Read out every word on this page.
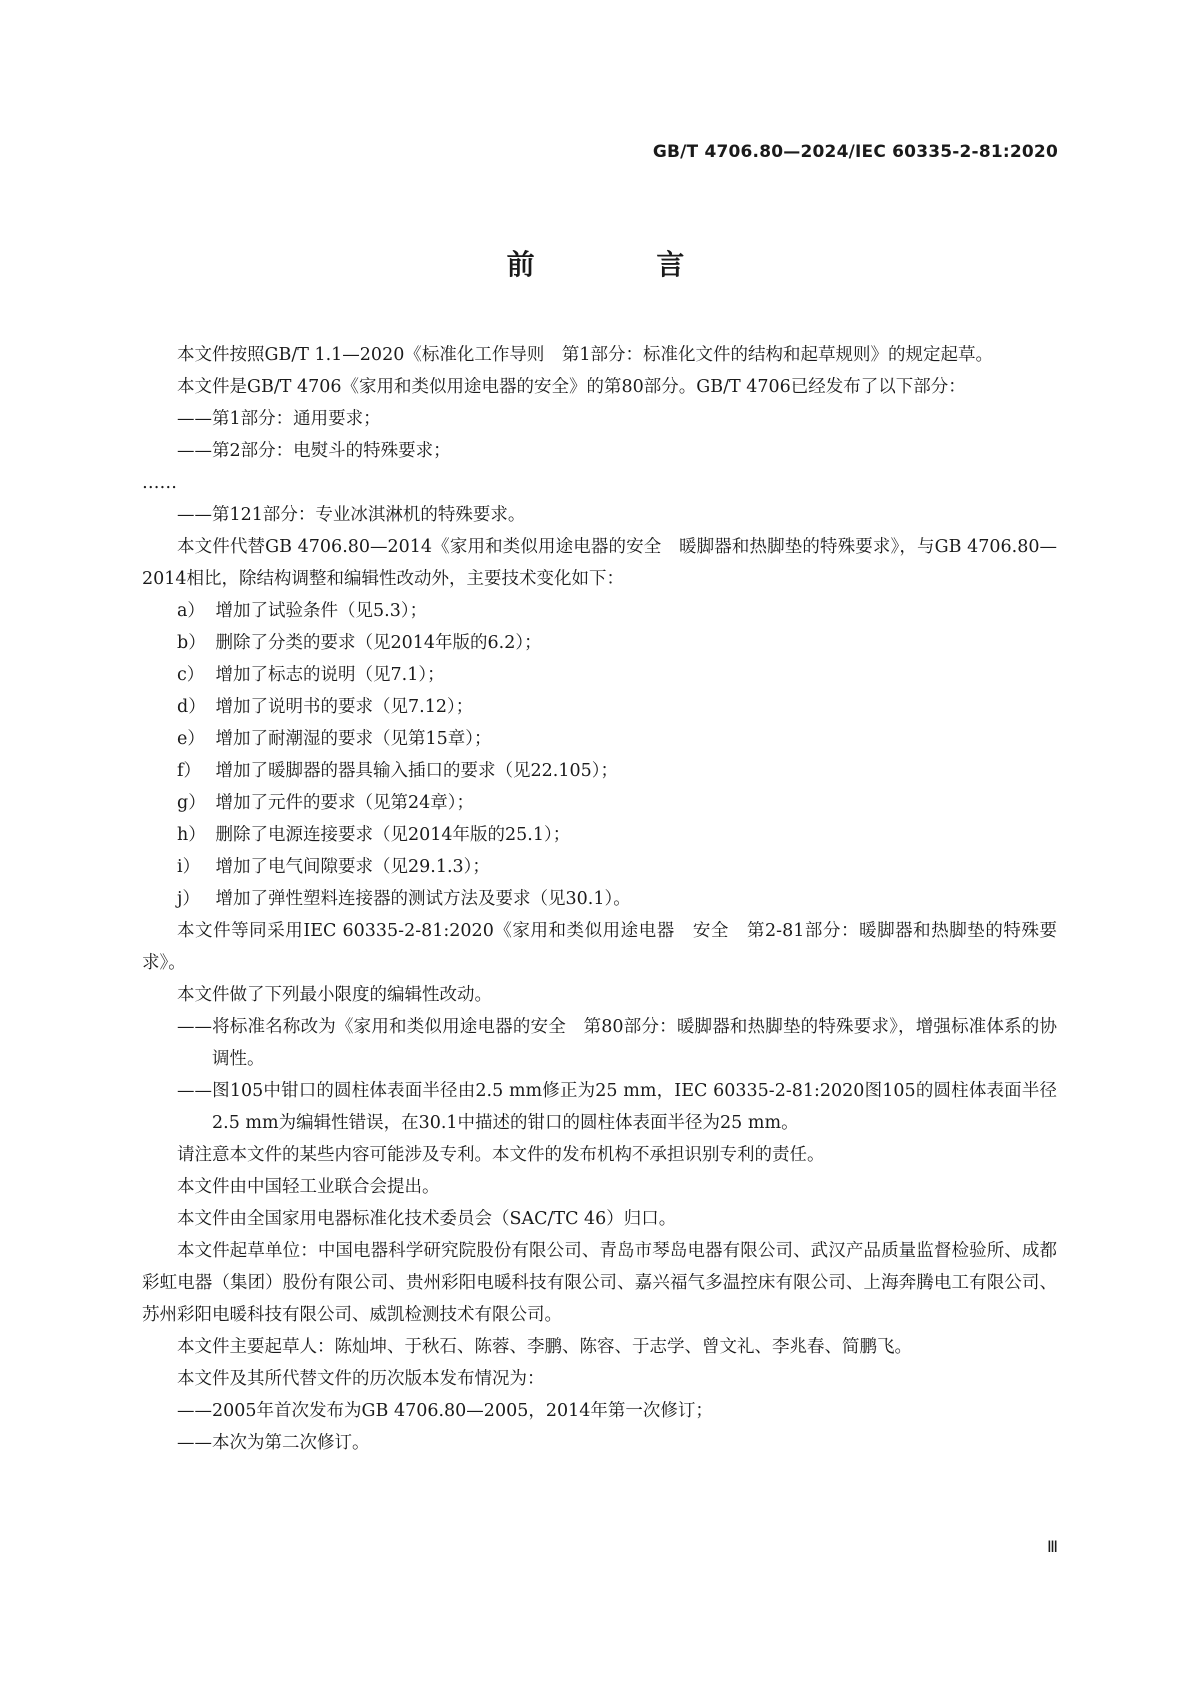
GB/T 4706.80—2024/IEC 60335-2-81:2020
前 言

本文件按照GB/T 1.1—2020《标准化工作导则　第1部分：标准化文件的结构和起草规则》的规定起草。

本文件是GB/T 4706《家用和类似用途电器的安全》的第80部分。GB/T 4706已经发布了以下部分：

——第1部分：通用要求；

——第2部分：电熨斗的特殊要求；

……

——第121部分：专业冰淇淋机的特殊要求。

本文件代替GB 4706.80—2014《家用和类似用途电器的安全　暖脚器和热脚垫的特殊要求》，与GB 4706.80—2014相比，除结构调整和编辑性改动外，主要技术变化如下：

a） 增加了试验条件（见5.3）；
b） 删除了分类的要求（见2014年版的6.2）；
c） 增加了标志的说明（见7.1）；
d） 增加了说明书的要求（见7.12）；
e） 增加了耐潮湿的要求（见第15章）；
f） 增加了暖脚器的器具输入插口的要求（见22.105）；
g） 增加了元件的要求（见第24章）；
h） 删除了电源连接要求（见2014年版的25.1）；
i） 增加了电气间隙要求（见29.1.3）；
j） 增加了弹性塑料连接器的测试方法及要求（见30.1）。

本文件等同采用IEC 60335-2-81:2020《家用和类似用途电器　安全　第2-81部分：暖脚器和热脚垫的特殊要求》。

本文件做了下列最小限度的编辑性改动。

——将标准名称改为《家用和类似用途电器的安全　第80部分：暖脚器和热脚垫的特殊要求》，增强标准体系的协调性。

——图105中钳口的圆柱体表面半径由2.5 mm修正为25 mm，IEC 60335-2-81:2020图105的圆柱体表面半径2.5 mm为编辑性错误，在30.1中描述的钳口的圆柱体表面半径为25 mm。

请注意本文件的某些内容可能涉及专利。本文件的发布机构不承担识别专利的责任。

本文件由中国轻工业联合会提出。

本文件由全国家用电器标准化技术委员会（SAC/TC 46）归口。

本文件起草单位：中国电器科学研究院股份有限公司、青岛市琴岛电器有限公司、武汉产品质量监督检验所、成都彩虹电器（集团）股份有限公司、贵州彩阳电暖科技有限公司、嘉兴福气多温控床有限公司、上海奔腾电工有限公司、苏州彩阳电暖科技有限公司、威凯检测技术有限公司。

本文件主要起草人：陈灿坤、于秋石、陈蓉、李鹏、陈容、于志学、曾文礼、李兆春、简鹏飞。

本文件及其所代替文件的历次版本发布情况为：

——2005年首次发布为GB 4706.80—2005，2014年第一次修订；

——本次为第二次修订。

Ⅲ
